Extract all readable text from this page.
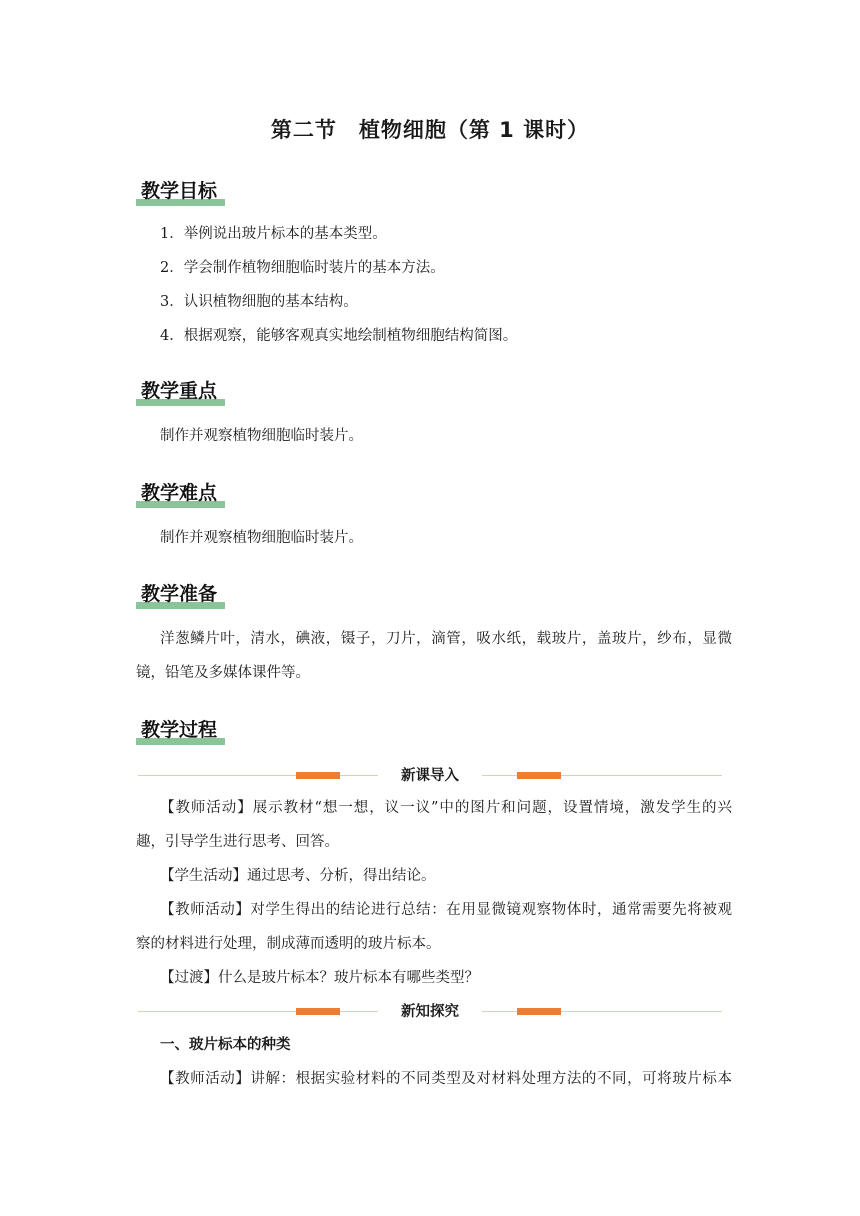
第二节　植物细胞（第 1 课时）
教学目标
1．举例说出玻片标本的基本类型。
2．学会制作植物细胞临时装片的基本方法。
3．认识植物细胞的基本结构。
4．根据观察，能够客观真实地绘制植物细胞结构简图。
教学重点
制作并观察植物细胞临时装片。
教学难点
制作并观察植物细胞临时装片。
教学准备
洋葱鳞片叶，清水，碘液，镊子，刀片，滴管，吸水纸，载玻片，盖玻片，纱布，显微
镜，铅笔及多媒体课件等。
教学过程
新课导入
【教师活动】展示教材“想一想，议一议”中的图片和问题，设置情境，激发学生的兴
趣，引导学生进行思考、回答。
【学生活动】通过思考、分析，得出结论。
【教师活动】对学生得出的结论进行总结：在用显微镜观察物体时，通常需要先将被观
察的材料进行处理，制成薄而透明的玻片标本。
【过渡】什么是玻片标本？玻片标本有哪些类型？
新知探究
一、玻片标本的种类
【教师活动】讲解：根据实验材料的不同类型及对材料处理方法的不同，可将玻片标本
